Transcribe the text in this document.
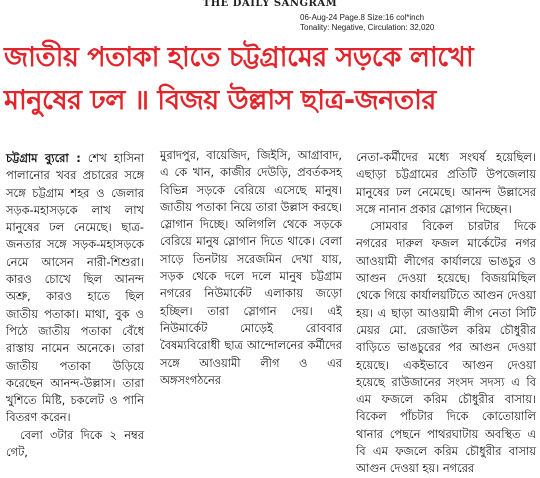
THE DAILY SANGRAM
06-Aug-24 Page.8 Size:16 col*inch
Tonality: Negative, Circulation: 32,020
জাতীয় পতাকা হাতে চট্টগ্রামের সড়কে লাখো
মানুষের ঢল ॥ বিজয় উল্লাস ছাত্র-জনতার

চট্টগ্রাম ব্যুরো : শেখ হাসিনা পালানোর খবর প্রচারের সঙ্গে সঙ্গে চট্টগ্রাম শহর ও জেলার সড়ক-মহাসড়কে লাখ লাখ মানুষের ঢল নেমেছে। ছাত্র-জনতার সঙ্গে সড়ক-মহাসড়কে নেমে আসেন নারী-শিশুরা। কারও চোখে ছিল আনন্দ অশ্রু, কারও হাতে ছিল জাতীয় পতাকা। মাথা, বুক ও পিঠে জাতীয় পতাকা বেঁধে রাস্তায় নামেন অনেকে। তারা জাতীয় পতাকা উড়িয়ে করেছেন আনন্দ-উল্লাস। তারা খুশিতে মিষ্টি, চকলেট ও পানি বিতরণ করেন।

বেলা ৩টার দিকে ২ নম্বর গেট,

মুরাদপুর, বায়েজিদ, জিইসি, আগ্রাবাদ, এ কে খান, কাজীর দেউড়ি, প্রবর্তকসহ বিভিন্ন সড়কে বেরিয়ে এসেছে মানুষ। জাতীয় পতাকা নিয়ে তারা উল্লাস করছে। স্লোগান দিচ্ছে। অলিগলি থেকে সড়কে বেরিয়ে মানুষ স্লোগান দিতে থাকে। বেলা সাড়ে তিনটায় সরেজমিন দেখা যায়, সড়ক থেকে দলে দলে মানুষ চট্টগ্রাম নগরের নিউমার্কেট এলাকায় জড়ো হচ্ছিল। তারা স্লোগান দেয়। এই নিউমার্কেট মোড়েই রোববার বৈষম্যবিরোধী ছাত্র আন্দোলনের কর্মীদের সঙ্গে আওয়ামী লীগ ও এর অঙ্গসংগঠনের

নেতা-কর্মীদের মধ্যে সংঘর্ষ হয়েছিল। এছাড়া চট্টগ্রামের প্রতিটি উপজেলায় মানুষের ঢল নেমেছে। আনন্দ উল্লাসের সঙ্গে নানান প্রকার স্লোগান দিচ্ছেন।

সোমবার বিকেল চারটার দিকে নগরের দারুল ফজল মার্কেটের নগর আওয়ামী লীগের কার্যালয়ে ভাঙচুর ও আগুন দেওয়া হয়েছে। বিজয়মিছিল থেকে গিয়ে কার্যালয়টিতে আগুন দেওয়া হয়। এ ছাড়া আওয়ামী লীগ নেতা সিটি মেয়র মো. রেজাউল করিম চৌধুরীর বাড়িতে ভাঙচুরের পর আগুন দেওয়া হয়েছে। একইভাবে আগুন দেওয়া হয়েছে রাউজানের সংসদ সদস্য এ বি এম ফজলে করিম চৌধুরীর বাসায়। বিকেল পাঁচটার দিকে কোতোয়ালি থানার পেছনে পাথরঘাটায় অবস্থিত এ বি এম ফজলে করিম চৌধুরীর বাসায় আগুন দেওয়া হয়। নগরের
